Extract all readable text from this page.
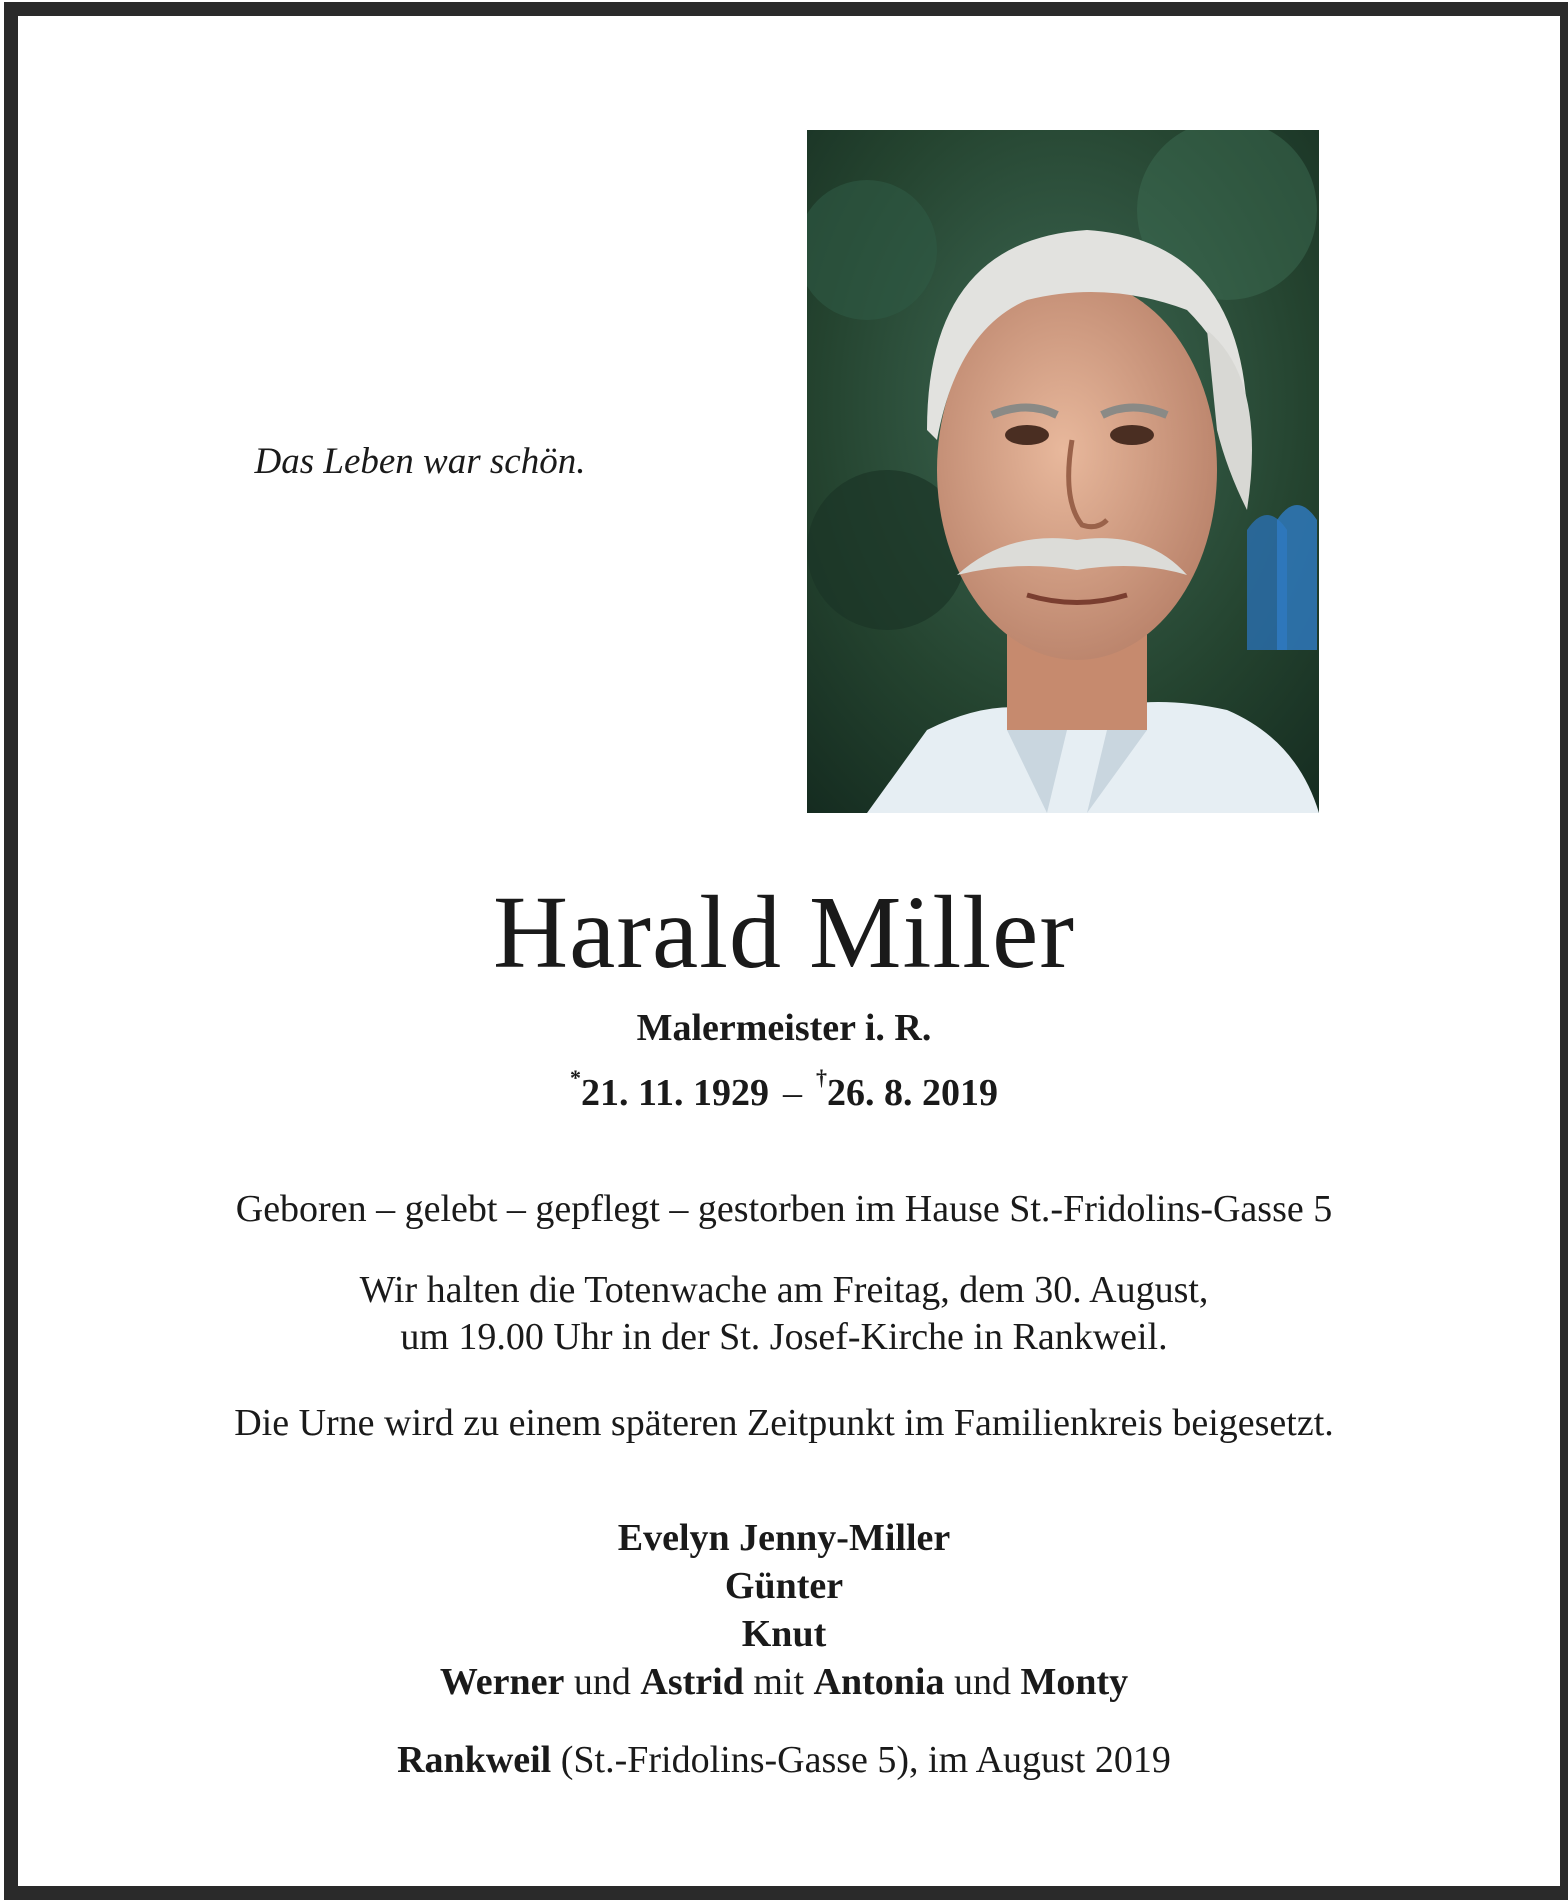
Das Leben war schön.
Harald Miller
Malermeister i. R.
*21. 11. 1929 – †26. 8. 2019
Geboren – gelebt – gepflegt – gestorben im Hause St.-Fridolins-Gasse 5
Wir halten die Totenwache am Freitag, dem 30. August,
um 19.00 Uhr in der St. Josef-Kirche in Rankweil.
Die Urne wird zu einem späteren Zeitpunkt im Familienkreis beigesetzt.
Evelyn Jenny-Miller
Günter
Knut
Werner und Astrid mit Antonia und Monty
Rankweil (St.-Fridolins-Gasse 5), im August 2019
